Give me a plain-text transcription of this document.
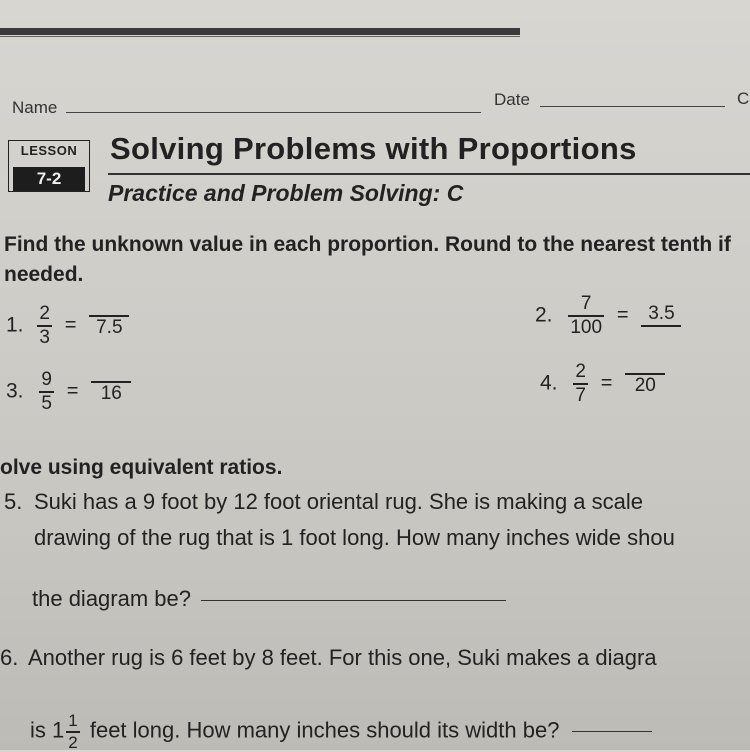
Name	Date	C
LESSON
7-2
Solving Problems with Proportions
Practice and Problem Solving: C
Find the unknown value in each proportion. Round to the nearest tenth if needed.
1. $\frac{2}{3} = 7.5$
2. $\frac{7}{100} = 3.5$
3. $\frac{9}{5} = 16$	4. $\frac{2}{7} = 20$
olve using equivalent ratios.
5. Suki has a 9 foot by 12 foot oriental rug. She is making a scale
drawing of the rug that is 1 foot long. How many inches wide shou
the diagram be?
6. Another rug is 6 feet by 8 feet. For this one, Suki makes a diagra
is $1 \frac{1}{2}$ feet long. How many inches should its width be?
